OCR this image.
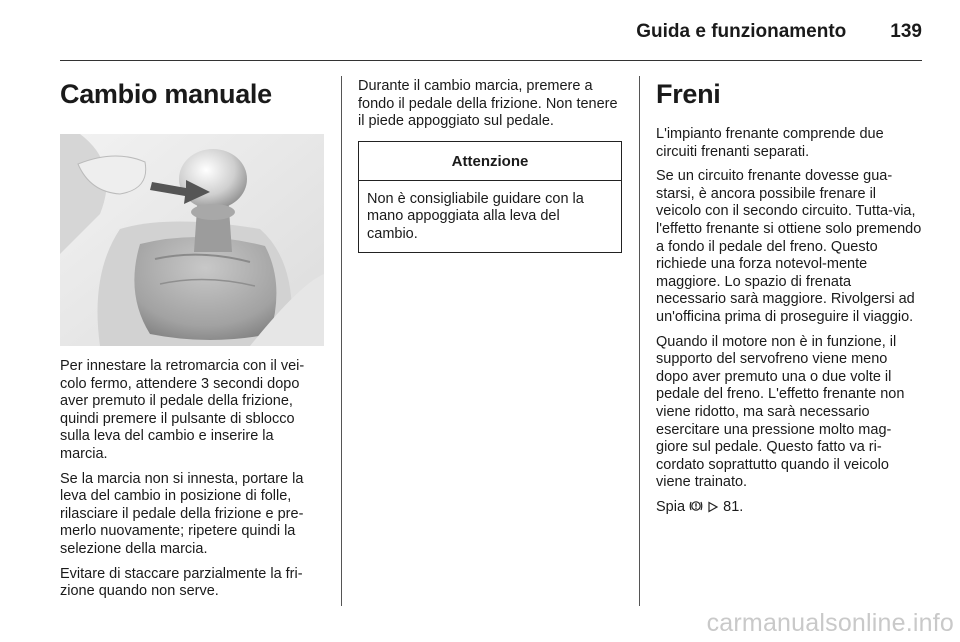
Guida e funzionamento 139
Cambio manuale

Per innestare la retromarcia con il vei-colo fermo, attendere 3 secondi dopo aver premuto il pedale della frizione, quindi premere il pulsante di sblocco sulla leva del cambio e inserire la marcia.

Se la marcia non si innesta, portare la leva del cambio in posizione di folle, rilasciare il pedale della frizione e pre-merlo nuovamente; ripetere quindi la selezione della marcia.

Evitare di staccare parzialmente la fri-zione quando non serve.

Durante il cambio marcia, premere a fondo il pedale della frizione. Non tenere il piede appoggiato sul pedale.

Attenzione

Non è consigliabile guidare con la mano appoggiata alla leva del cambio.

Freni

L'impianto frenante comprende due circuiti frenanti separati.

Se un circuito frenante dovesse gua-starsi, è ancora possibile frenare il veicolo con il secondo circuito. Tutta-via, l'effetto frenante si ottiene solo premendo a fondo il pedale del freno. Questo richiede una forza notevol-mente maggiore. Lo spazio di frenata necessario sarà maggiore. Rivolgersi ad un'officina prima di proseguire il viaggio.

Quando il motore non è in funzione, il supporto del servofreno viene meno dopo aver premuto una o due volte il pedale del freno. L'effetto frenante non viene ridotto, ma sarà necessario esercitare una pressione molto mag-giore sul pedale. Questo fatto va ri-cordato soprattutto quando il veicolo viene trainato.

Spia	81.

carmanualsonline.info
